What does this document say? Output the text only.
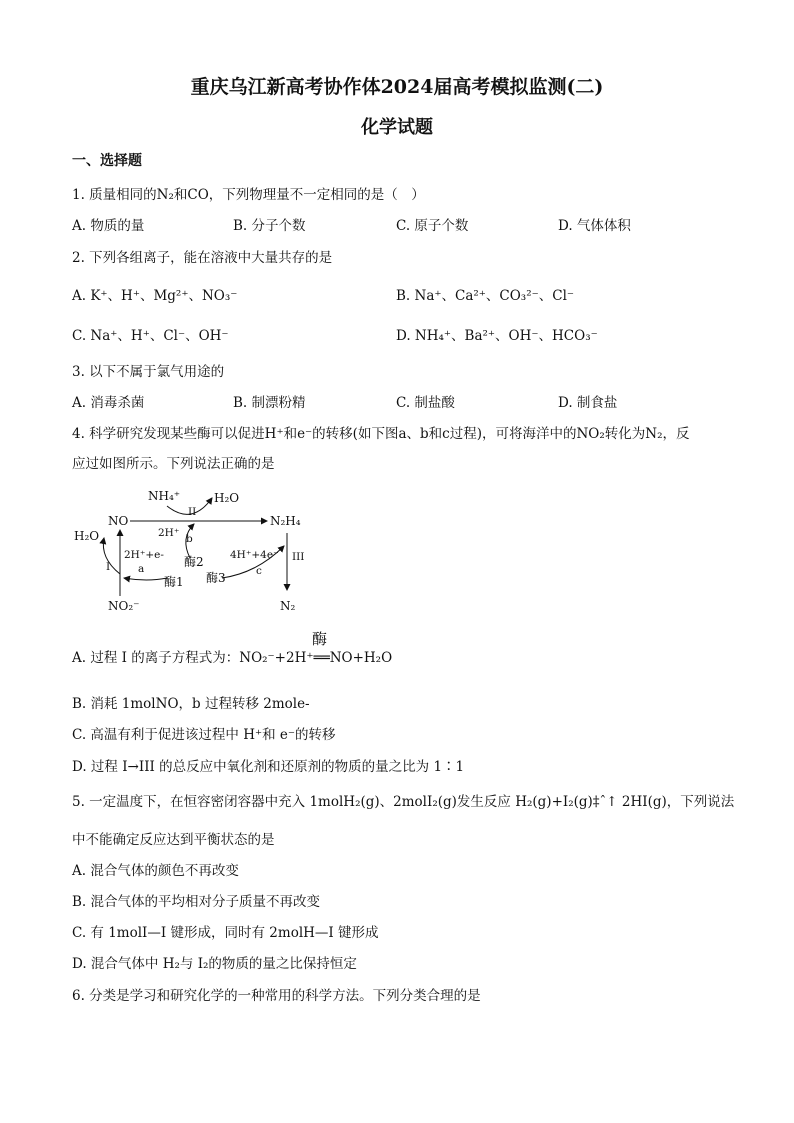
重庆乌江新高考协作体2024届高考模拟监测(二)
化学试题
一、选择题
1. 质量相同的N₂和CO，下列物理量不一定相同的是（　）
A. 物质的量	B. 分子个数	C. 原子个数	D. 气体体积
2. 下列各组离子，能在溶液中大量共存的是
A. K⁺、H⁺、Mg²⁺、NO₃⁻	B. Na⁺、Ca²⁺、CO₃²⁻、Cl⁻
C. Na⁺、H⁺、Cl⁻、OH⁻	D. NH₄⁺、Ba²⁺、OH⁻、HCO₃⁻
3. 以下不属于氯气用途的
A. 消毒杀菌	B. 制漂粉精	C. 制盐酸	D. 制食盐
4. 科学研究发现某些酶可以促进H⁺和e⁻的转移(如下图a、b和c过程)，可将海洋中的NO₂转化为N₂，反
应过如图所示。下列说法正确的是
NH₄⁺	H₂O
II
NO	N₂H₄
H₂O	2H⁺ b
2H⁺+e-
a	酶2	4H⁺+4e⁻
c
III
I
酶1 酶3
NO₂⁻	N₂
酶
A. 过程 I 的离子方程式为：NO₂⁻+2H⁺══NO+H₂O
B. 消耗 1molNO，b 过程转移 2mole-
C. 高温有利于促进该过程中 H⁺和 e⁻的转移
D. 过程 I→III 的总反应中氧化剂和还原剂的物质的量之比为 1∶1
5. 一定温度下，在恒容密闭容器中充入 1molH₂(g)、2molI₂(g)发生反应 H₂(g)+I₂(g)‡ˆ↑ 2HI(g)，下列说法
中不能确定反应达到平衡状态的是
A. 混合气体的颜色不再改变
B. 混合气体的平均相对分子质量不再改变
C. 有 1molI—I 键形成，同时有 2molH—I 键形成
D. 混合气体中 H₂与 I₂的物质的量之比保持恒定
6. 分类是学习和研究化学的一种常用的科学方法。下列分类合理的是
